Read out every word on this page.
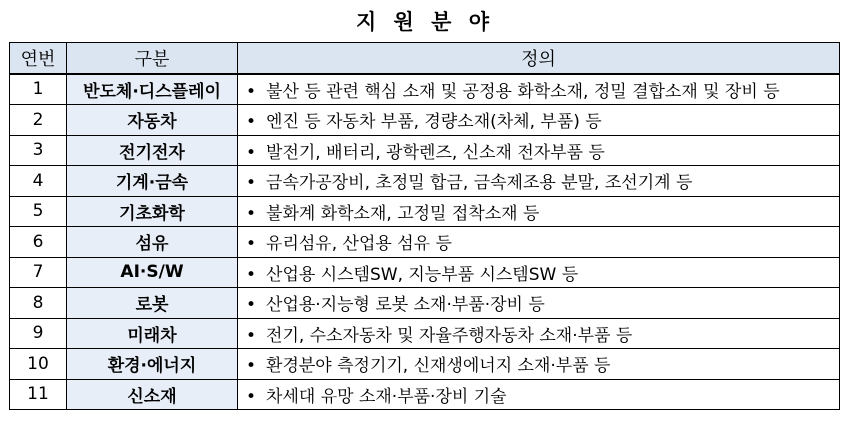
지 원 분 야
연번	구분	정의
1	반도체·디스플레이	• 불산 등 관련 핵심 소재 및 공정용 화학소재, 정밀 결합소재 및 장비 등
2	자동차	• 엔진 등 자동차 부품, 경량소재(차체, 부품) 등
3	전기전자	• 발전기, 배터리, 광학렌즈, 신소재 전자부품 등
4	기계·금속	• 금속가공장비, 초정밀 합금, 금속제조용 분말, 조선기계 등
5	기초화학	• 불화계 화학소재, 고정밀 접착소재 등
6	섬유	• 유리섬유, 산업용 섬유 등
7	AI·S/W	• 산업용 시스템SW, 지능부품 시스템SW 등
8	로봇	• 산업용·지능형 로봇 소재·부품·장비 등
9	미래차	• 전기, 수소자동차 및 자율주행자동차 소재·부품 등
10	환경·에너지	• 환경분야 측정기기, 신재생에너지 소재·부품 등
11	신소재	• 차세대 유망 소재·부품·장비 기술
